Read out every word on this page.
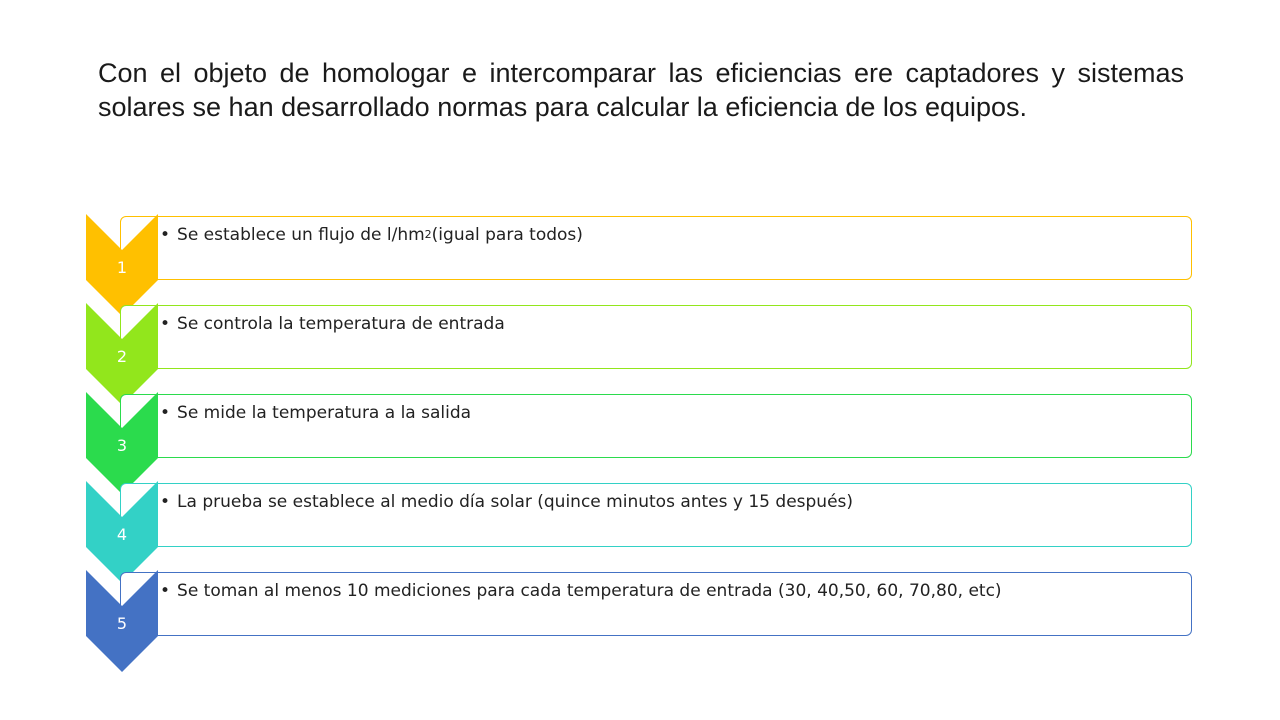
Con el objeto de homologar e intercomparar las eficiencias ere captadores y sistemas solares se han desarrollado normas para calcular la eficiencia de los equipos.

• Se establece un flujo de l/hm 2 (igual para todos)
1
• Se controla la temperatura de entrada
2
• Se mide la temperatura a la salida
3
• La prueba se establece al medio día solar (quince minutos antes y 15 después)
4
• Se toman al menos 10 mediciones para cada temperatura de entrada (30, 40,50, 60, 70,80, etc)
5
